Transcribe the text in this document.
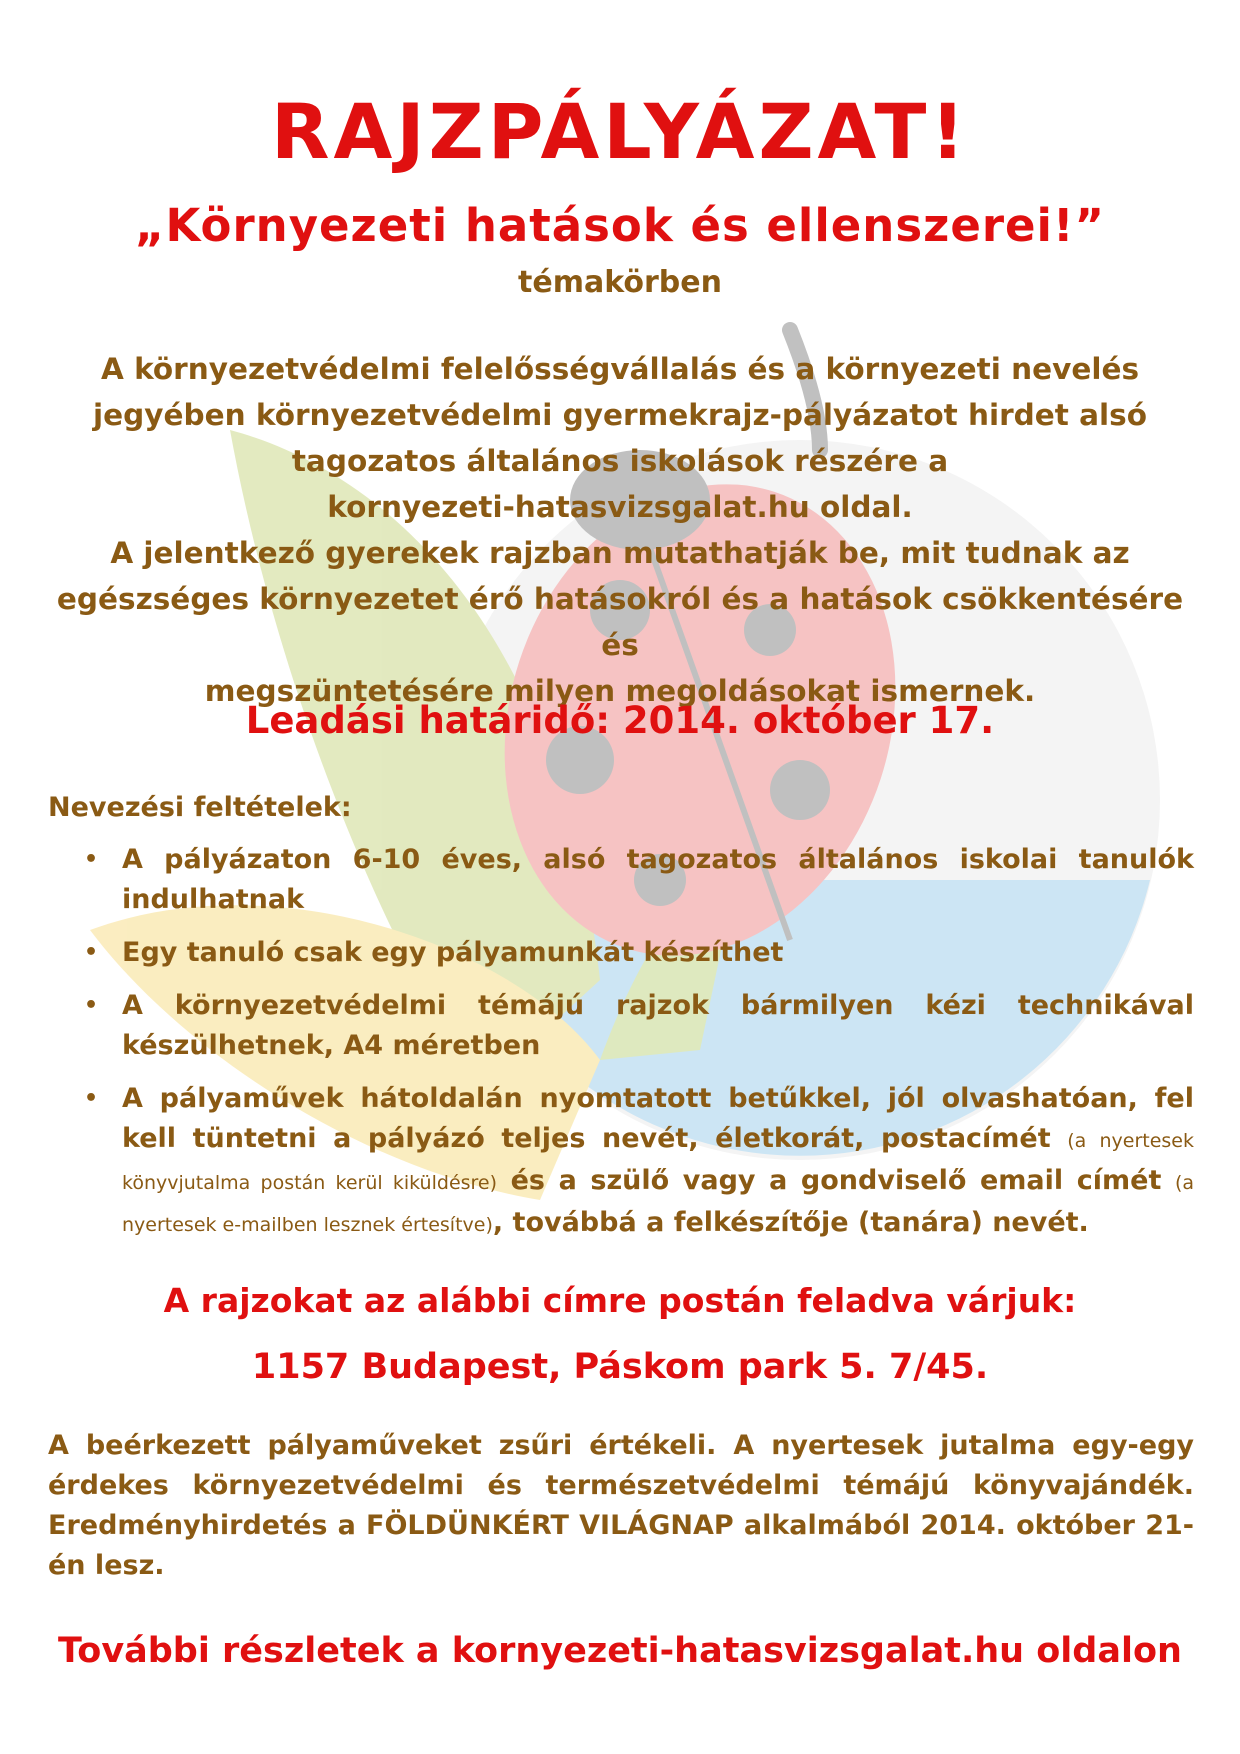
RAJZPÁLYÁZAT!
„Környezeti hatások és ellenszerei!”
témakörben
A környezetvédelmi felelősségvállalás és a környezeti nevelés
jegyében környezetvédelmi gyermekrajz-pályázatot hirdet alsó
tagozatos általános iskolások részére a
kornyezeti-hatasvizsgalat.hu oldal.
A jelentkező gyerekek rajzban mutathatják be, mit tudnak az
egészséges környezetet érő hatásokról és a hatások csökkentésére és
megszüntetésére milyen megoldásokat ismernek.
Leadási határidő: 2014. október 17.
Nevezési feltételek:
• A pályázaton 6-10 éves, alsó tagozatos általános iskolai tanulók indulhatnak
• Egy tanuló csak egy pályamunkát készíthet
• A környezetvédelmi témájú rajzok bármilyen kézi technikával készülhetnek, A4 méretben
• A pályaművek hátoldalán nyomtatott betűkkel, jól olvashatóan, fel kell tüntetni a pályázó teljes nevét, életkorát, postacímét (a nyertesek könyvjutalma postán kerül kiküldésre) és a szülő vagy a gondviselő email címét (a nyertesek e-mailben lesznek értesítve), továbbá a felkészítője (tanára) nevét.
A rajzokat az alábbi címre postán feladva várjuk:
1157 Budapest, Páskom park 5. 7/45.
A beérkezett pályaműveket zsűri értékeli. A nyertesek jutalma egy-egy érdekes környezetvédelmi és természetvédelmi témájú könyvajándék. Eredményhirdetés a FÖLDÜNKÉRT VILÁGNAP alkalmából 2014. október 21-én lesz.
További részletek a kornyezeti-hatasvizsgalat.hu oldalon
